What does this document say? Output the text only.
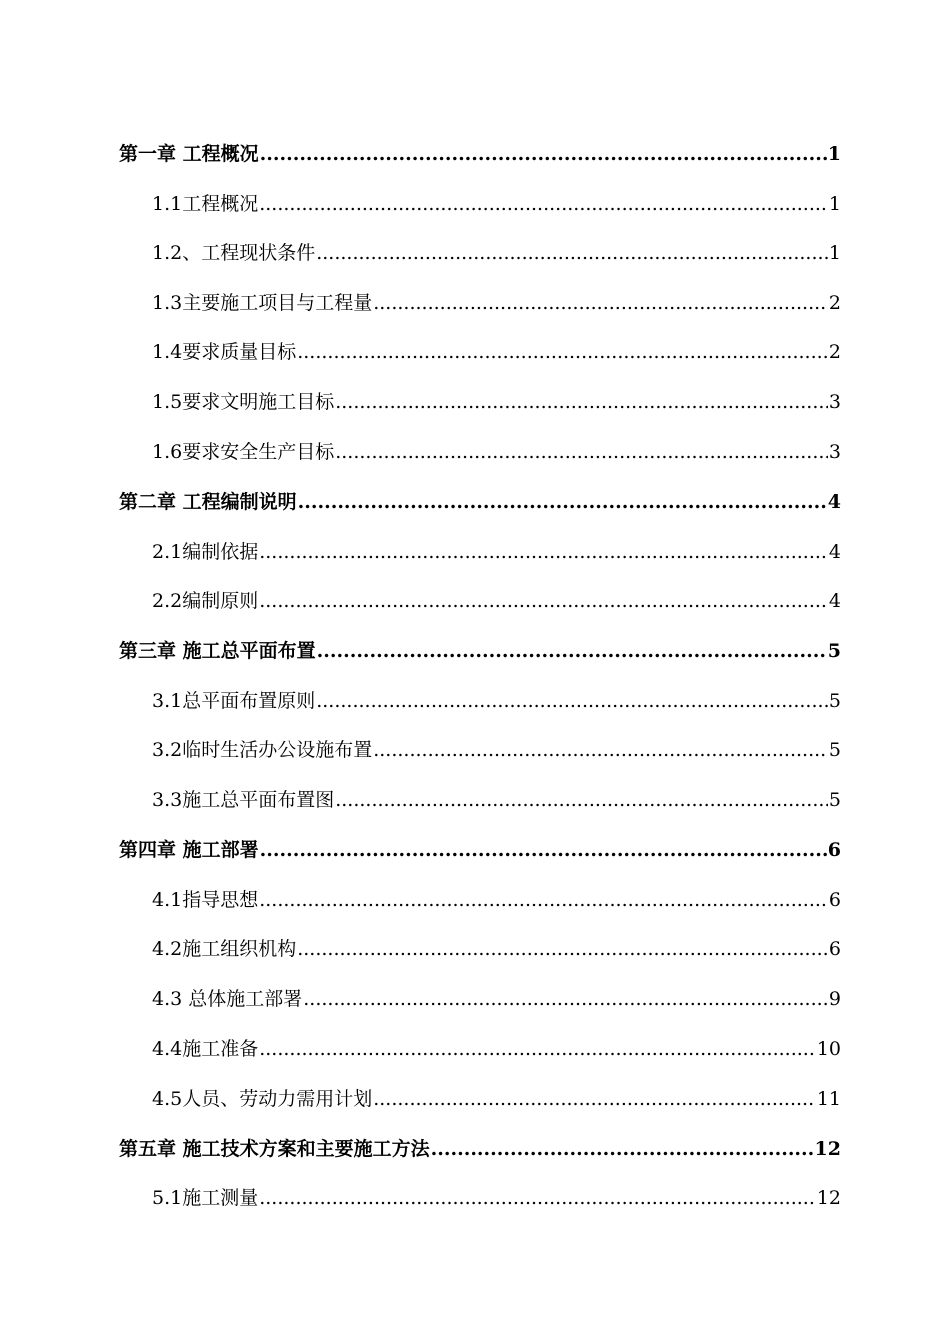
第一章 工程概况 .....	1
1.1工程概况 .....	1
1.2、工程现状条件 .....	1
1.3主要施工项目与工程量 .....	2
1.4要求质量目标 .....	2
1.5要求文明施工目标 .....	3
1.6要求安全生产目标 .....	3
第二章 工程编制说明 .....	4
2.1编制依据 .....	4
2.2编制原则 .....	4
第三章 施工总平面布置 .....	5
3.1总平面布置原则 .....	5
3.2临时生活办公设施布置 .....	5
3.3施工总平面布置图 .....	5
第四章 施工部署 .....	6
4.1指导思想 .....	6
4.2施工组织机构 .....	6
4.3 总体施工部署 .....	9
4.4施工准备 .....	10
4.5人员、劳动力需用计划 .....	11
第五章 施工技术方案和主要施工方法 .....	12
5.1施工测量 .....	12
